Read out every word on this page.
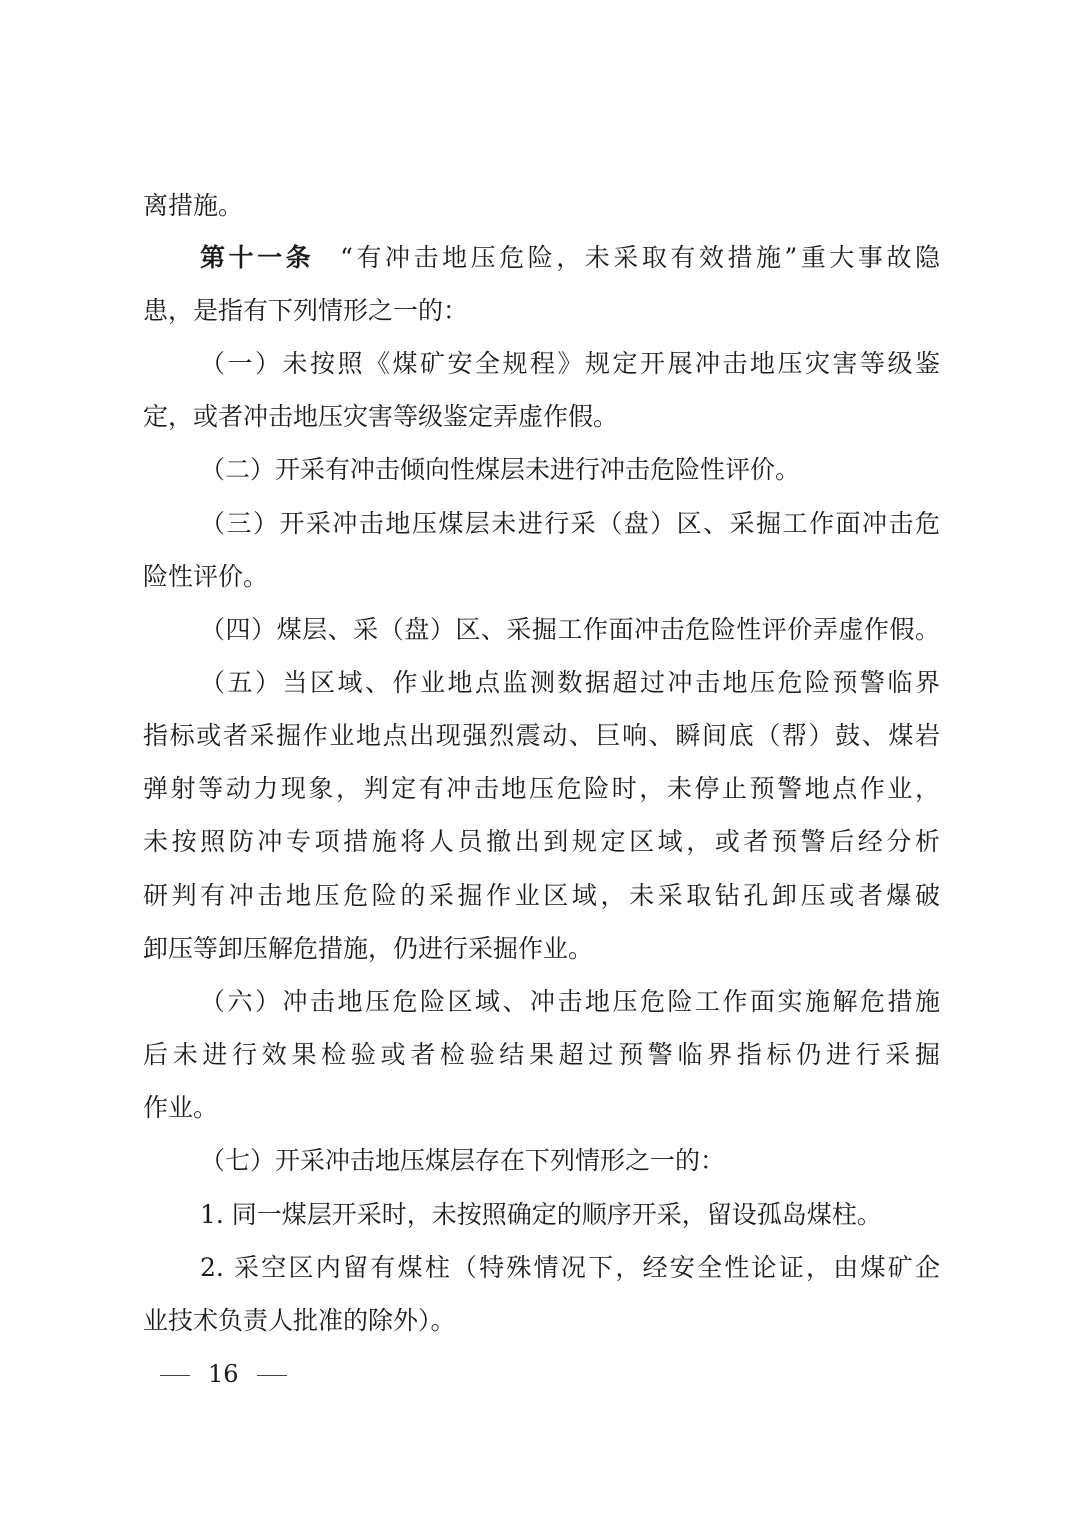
离措施。
第十一条 “有冲击地压危险，未采取有效措施”重大事故隐
患，是指有下列情形之一的：
（一）未按照《煤矿安全规程》规定开展冲击地压灾害等级鉴
定，或者冲击地压灾害等级鉴定弄虚作假。
（二）开采有冲击倾向性煤层未进行冲击危险性评价。
（三）开采冲击地压煤层未进行采（盘）区、采掘工作面冲击危
险性评价。
（四）煤层、采（盘）区、采掘工作面冲击危险性评价弄虚作假。
（五）当区域、作业地点监测数据超过冲击地压危险预警临界
指标或者采掘作业地点出现强烈震动、巨响、瞬间底（帮）鼓、煤岩
弹射等动力现象，判定有冲击地压危险时，未停止预警地点作业，
未按照防冲专项措施将人员撤出到规定区域，或者预警后经分析
研判有冲击地压危险的采掘作业区域，未采取钻孔卸压或者爆破
卸压等卸压解危措施，仍进行采掘作业。
（六）冲击地压危险区域、冲击地压危险工作面实施解危措施
后未进行效果检验或者检验结果超过预警临界指标仍进行采掘
作业。
（七）开采冲击地压煤层存在下列情形之一的：
1. 同一煤层开采时，未按照确定的顺序开采，留设孤岛煤柱。
2. 采空区内留有煤柱（特殊情况下，经安全性论证，由煤矿企
业技术负责人批准的除外）。
16
